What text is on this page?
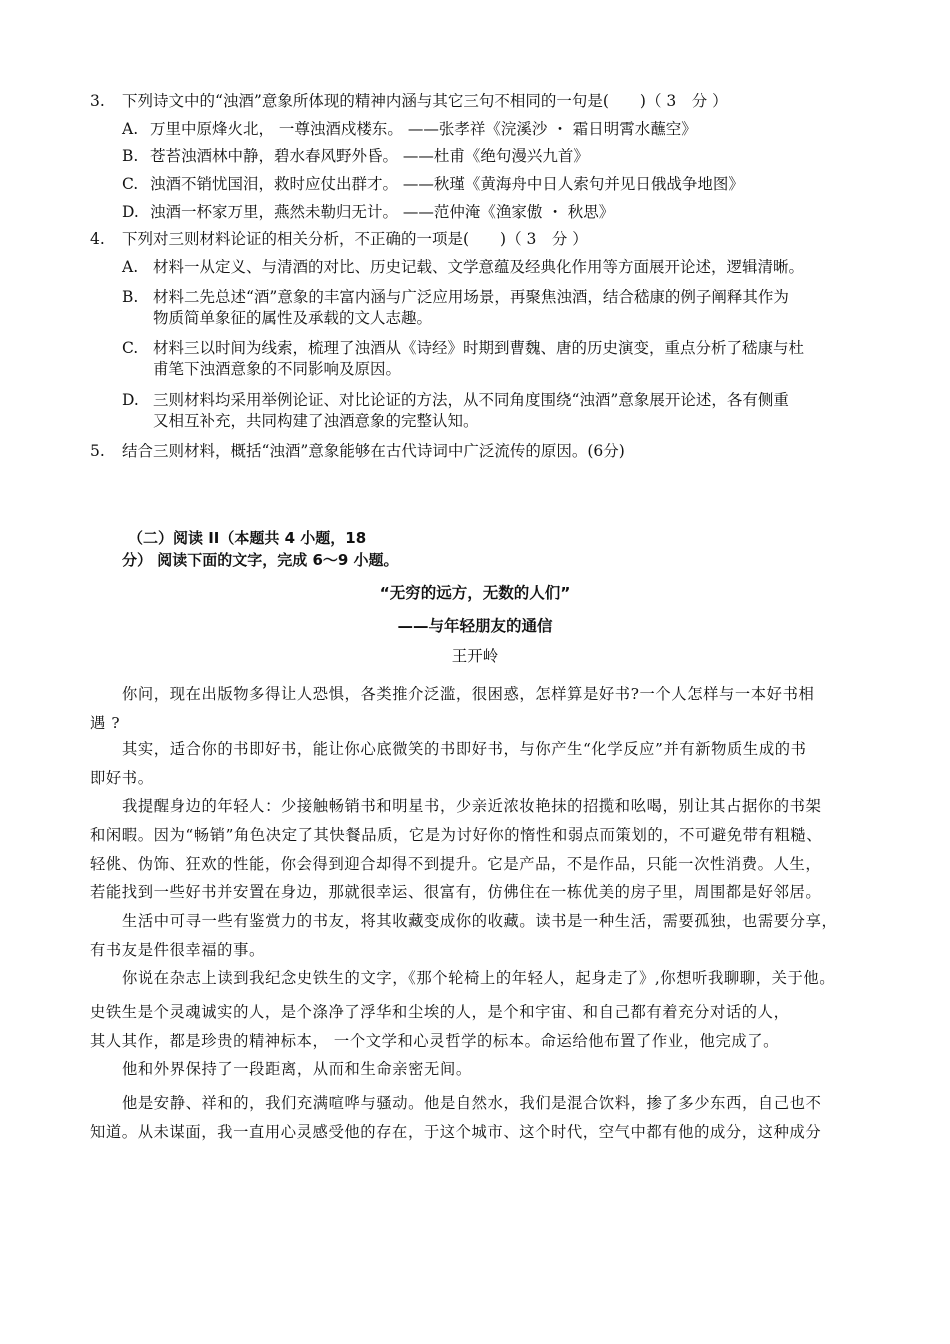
3. 下列诗文中的“浊酒”意象所体现的精神内涵与其它三句不相同的一句是(　　)（ 3　分 ）
A. 万里中原烽火北， 一尊浊酒戍楼东。 ——张孝祥《浣溪沙 ・ 霜日明霄水蘸空》
B. 苍苔浊酒林中静，碧水春风野外昏。 ——杜甫《绝句漫兴九首》
C. 浊酒不销忧国泪，救时应仗出群才。 ——秋瑾《黄海舟中日人索句并见日俄战争地图》
D. 浊酒一杯家万里，燕然未勒归无计。 ——范仲淹《渔家傲 ・ 秋思》
4. 下列对三则材料论证的相关分析，不正确的一项是(　　)（ 3　分 ）
A. 材料一从定义、与清酒的对比、历史记载、文学意蕴及经典化作用等方面展开论述，逻辑清晰。
B. 材料二先总述“酒”意象的丰富内涵与广泛应用场景，再聚焦浊酒，结合嵇康的例子阐释其作为
物质简单象征的属性及承载的文人志趣。
C. 材料三以时间为线索，梳理了浊酒从《诗经》时期到曹魏、唐的历史演变，重点分析了嵇康与杜
甫笔下浊酒意象的不同影响及原因。
D. 三则材料均采用举例论证、对比论证的方法，从不同角度围绕“浊酒”意象展开论述，各有侧重
又相互补充，共同构建了浊酒意象的完整认知。
5. 结合三则材料，概括“浊酒”意象能够在古代诗词中广泛流传的原因。(6分)
（二）阅读 II（本题共 4 小题，18
分） 阅读下面的文字，完成 6～9 小题。
“无穷的远方，无数的人们”
——与年轻朋友的通信
王开岭
你问，现在出版物多得让人恐惧，各类推介泛滥，很困惑，怎样算是好书?一个人怎样与一本好书相
遇 ?
其实，适合你的书即好书，能让你心底微笑的书即好书，与你产生“化学反应”并有新物质生成的书
即好书。
我提醒身边的年轻人：少接触畅销书和明星书，少亲近浓妆艳抹的招揽和吆喝，别让其占据你的书架
和闲暇。因为“畅销”角色决定了其快餐品质，它是为讨好你的惰性和弱点而策划的，不可避免带有粗糙、
轻佻、伪饰、狂欢的性能，你会得到迎合却得不到提升。它是产品，不是作品，只能一次性消费。人生，
若能找到一些好书并安置在身边，那就很幸运、很富有，仿佛住在一栋优美的房子里，周围都是好邻居。
生活中可寻一些有鉴赏力的书友，将其收藏变成你的收藏。读书是一种生活，需要孤独，也需要分享，
有书友是件很幸福的事。
你说在杂志上读到我纪念史铁生的文字，《那个轮椅上的年轻人，起身走了》,你想听我聊聊，关于他。
史铁生是个灵魂诚实的人，是个涤净了浮华和尘埃的人，是个和宇宙、和自己都有着充分对话的人，
其人其作，都是珍贵的精神标本， 一个文学和心灵哲学的标本。命运给他布置了作业，他完成了。
他和外界保持了一段距离，从而和生命亲密无间。
他是安静、祥和的，我们充满喧哗与骚动。他是自然水，我们是混合饮料，掺了多少东西，自己也不
知道。从未谋面，我一直用心灵感受他的存在，于这个城市、这个时代，空气中都有他的成分，这种成分
